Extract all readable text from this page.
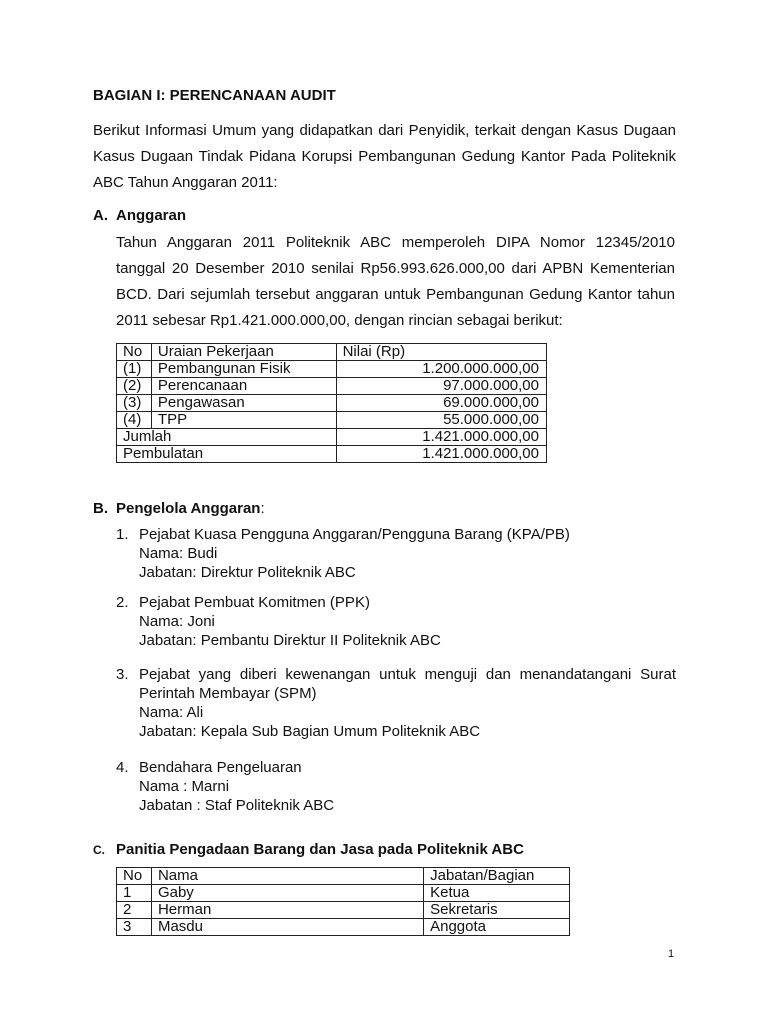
BAGIAN I: PERENCANAAN AUDIT
Berikut Informasi Umum yang didapatkan dari Penyidik, terkait dengan Kasus Dugaan
Kasus Dugaan Tindak Pidana Korupsi Pembangunan Gedung Kantor Pada Politeknik
ABC Tahun Anggaran 2011:
A. Anggaran
Tahun Anggaran 2011 Politeknik ABC memperoleh DIPA Nomor 12345/2010
tanggal 20 Desember 2010 senilai Rp56.993.626.000,00 dari APBN Kementerian
BCD. Dari sejumlah tersebut anggaran untuk Pembangunan Gedung Kantor tahun
2011 sebesar Rp1.421.000.000,00, dengan rincian sebagai berikut:
No	Uraian Pekerjaan	Nilai (Rp)
(1)	Pembangunan Fisik	1.200.000.000,00
(2)	Perencanaan	97.000.000,00
(3)	Pengawasan	69.000.000,00
(4)	TPP	55.000.000,00
Jumlah		1.421.000.000,00
Pembulatan		1.421.000.000,00
B. Pengelola Anggaran:
1. Pejabat Kuasa Pengguna Anggaran/Pengguna Barang (KPA/PB)
Nama: Budi
Jabatan: Direktur Politeknik ABC
2. Pejabat Pembuat Komitmen (PPK)
Nama: Joni
Jabatan: Pembantu Direktur II Politeknik ABC
3. Pejabat yang diberi kewenangan untuk menguji dan menandatangani Surat
Perintah Membayar (SPM)
Nama: Ali
Jabatan: Kepala Sub Bagian Umum Politeknik ABC
4. Bendahara Pengeluaran
Nama : Marni
Jabatan : Staf Politeknik ABC
C. Panitia Pengadaan Barang dan Jasa pada Politeknik ABC
No	Nama	Jabatan/Bagian
1	Gaby	Ketua
2	Herman	Sekretaris
3	Masdu	Anggota
1
